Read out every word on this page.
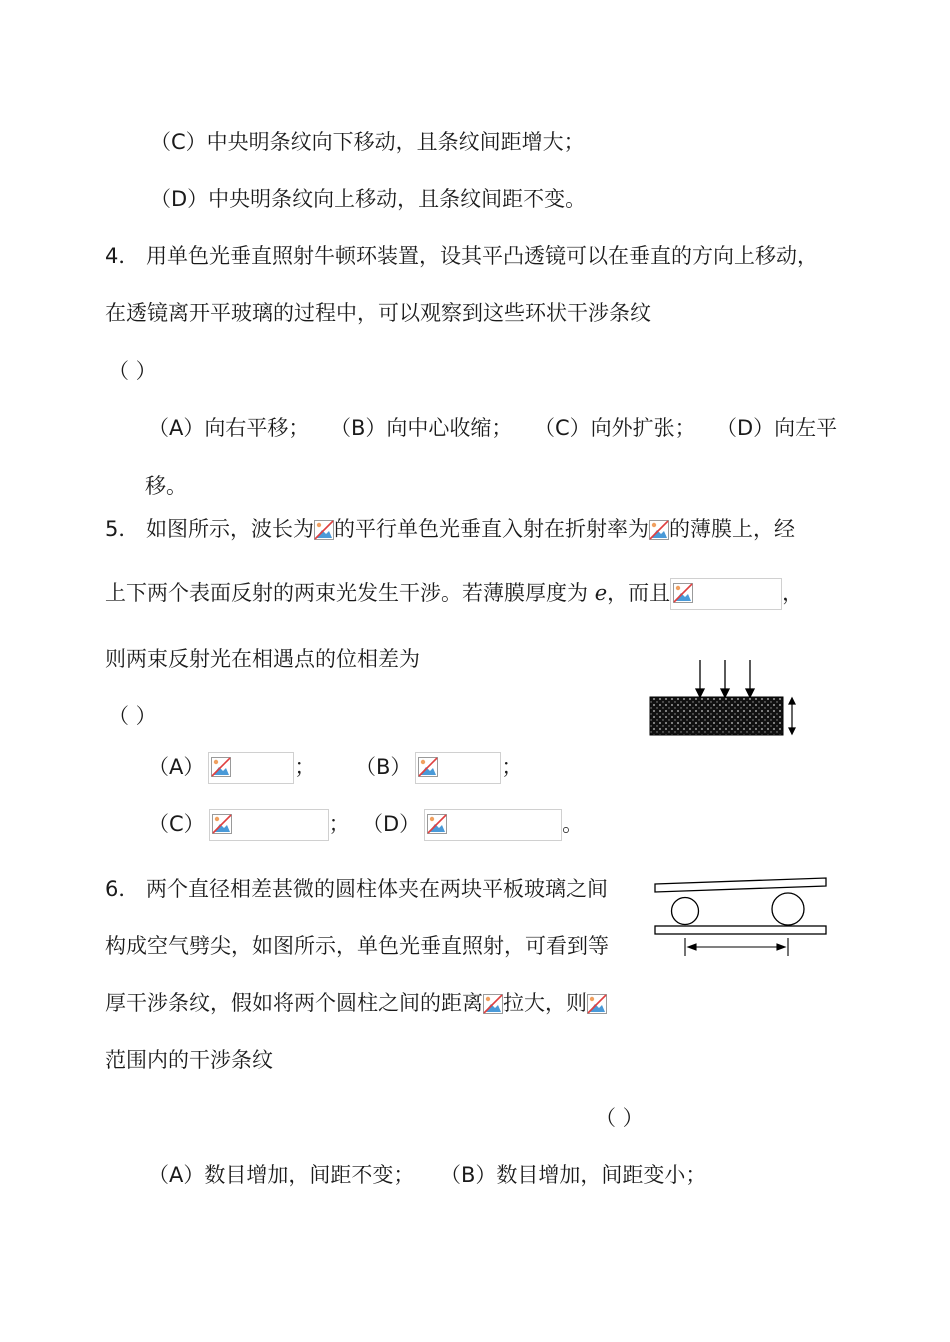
（C）中央明条纹向下移动，且条纹间距增大；
（D）中央明条纹向上移动，且条纹间距不变。
4． 用单色光垂直照射牛顿环装置，设其平凸透镜可以在垂直的方向上移动，
在透镜离开平玻璃的过程中，可以观察到这些环状干涉条纹
（ ）
（A）向右平移； （B）向中心收缩； （C）向外扩张； （D）向左平
移。
5． 如图所示，波长为 的平行单色光垂直入射在折射率为 的薄膜上，经
上下两个表面反射的两束光发生干涉。若薄膜厚度为 e，而且	，
则两束反射光在相遇点的位相差为
（ ）
（A）	； （B）	；
（C）	； （D）	。
6． 两个直径相差甚微的圆柱体夹在两块平板玻璃之间
构成空气劈尖，如图所示，单色光垂直照射，可看到等
厚干涉条纹，假如将两个圆柱之间的距离 拉大，则
范围内的干涉条纹
（ ）
（A）数目增加，间距不变； （B）数目增加，间距变小；
